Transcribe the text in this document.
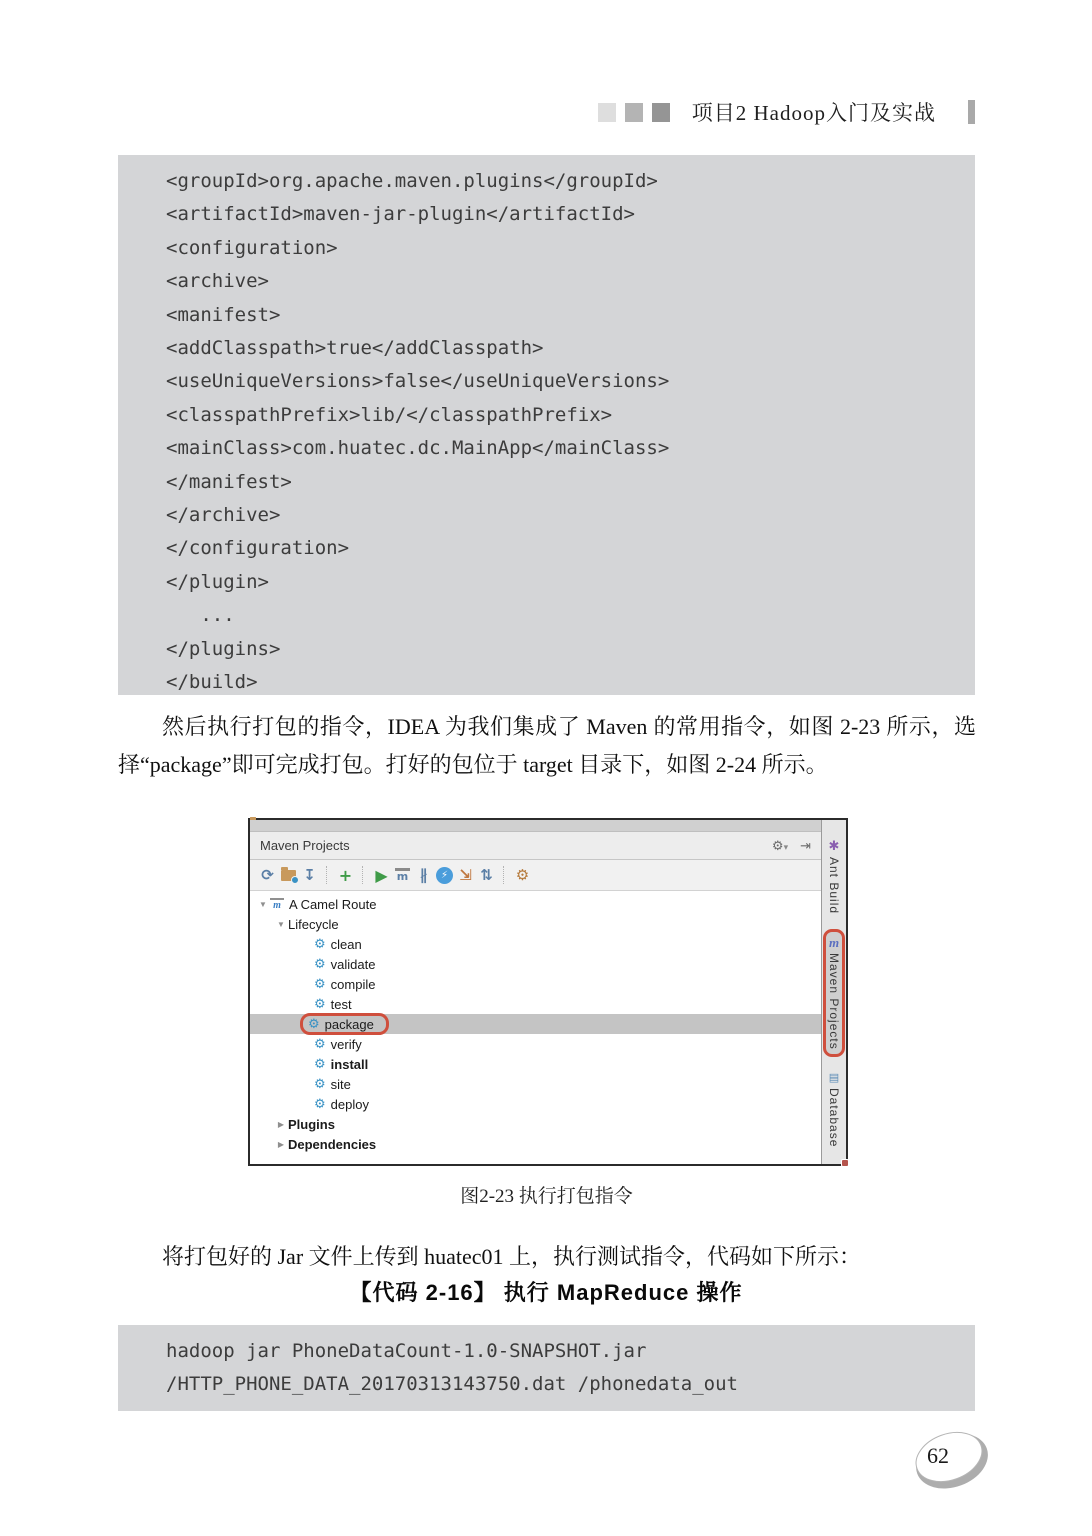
项目2 Hadoop入门及实战
<groupId>org.apache.maven.plugins</groupId>
<artifactId>maven-jar-plugin</artifactId>
<configuration>
<archive>
<manifest>
<addClasspath>true</addClasspath>
<useUniqueVersions>false</useUniqueVersions>
<classpathPrefix>lib/</classpathPrefix>
<mainClass>com.huatec.dc.MainApp</mainClass>
</manifest>
</archive>
</configuration>
</plugin>
...
</plugins>
</build>
然后执行打包的指令，IDEA 为我们集成了 Maven 的常用指令，如图 2-23 所示，选择“package”即可完成打包。打好的包位于 target 目录下，如图 2-24 所示。
Maven Projects	⚙▾ ⇥
⟳ ↧ + ▶ m ∦	⚡ ⇲ ⇅ ⚙
▼ m A Camel Route
▼ Lifecycle
⚙ clean
⚙ validate
⚙ compile
⚙ test
⚙ package
⚙ verify
⚙ install
⚙ site
⚙ deploy
▶ Plugins
▶ Dependencies
✱
Ant Build
m
Maven Projects
▤
Database
图2-23 执行打包指令
将打包好的 Jar 文件上传到 huatec01 上，执行测试指令，代码如下所示：
【代码 2-16】 执行 MapReduce 操作
hadoop jar PhoneDataCount-1.0-SNAPSHOT.jar
/HTTP_PHONE_DATA_20170313143750.dat /phonedata_out
62
